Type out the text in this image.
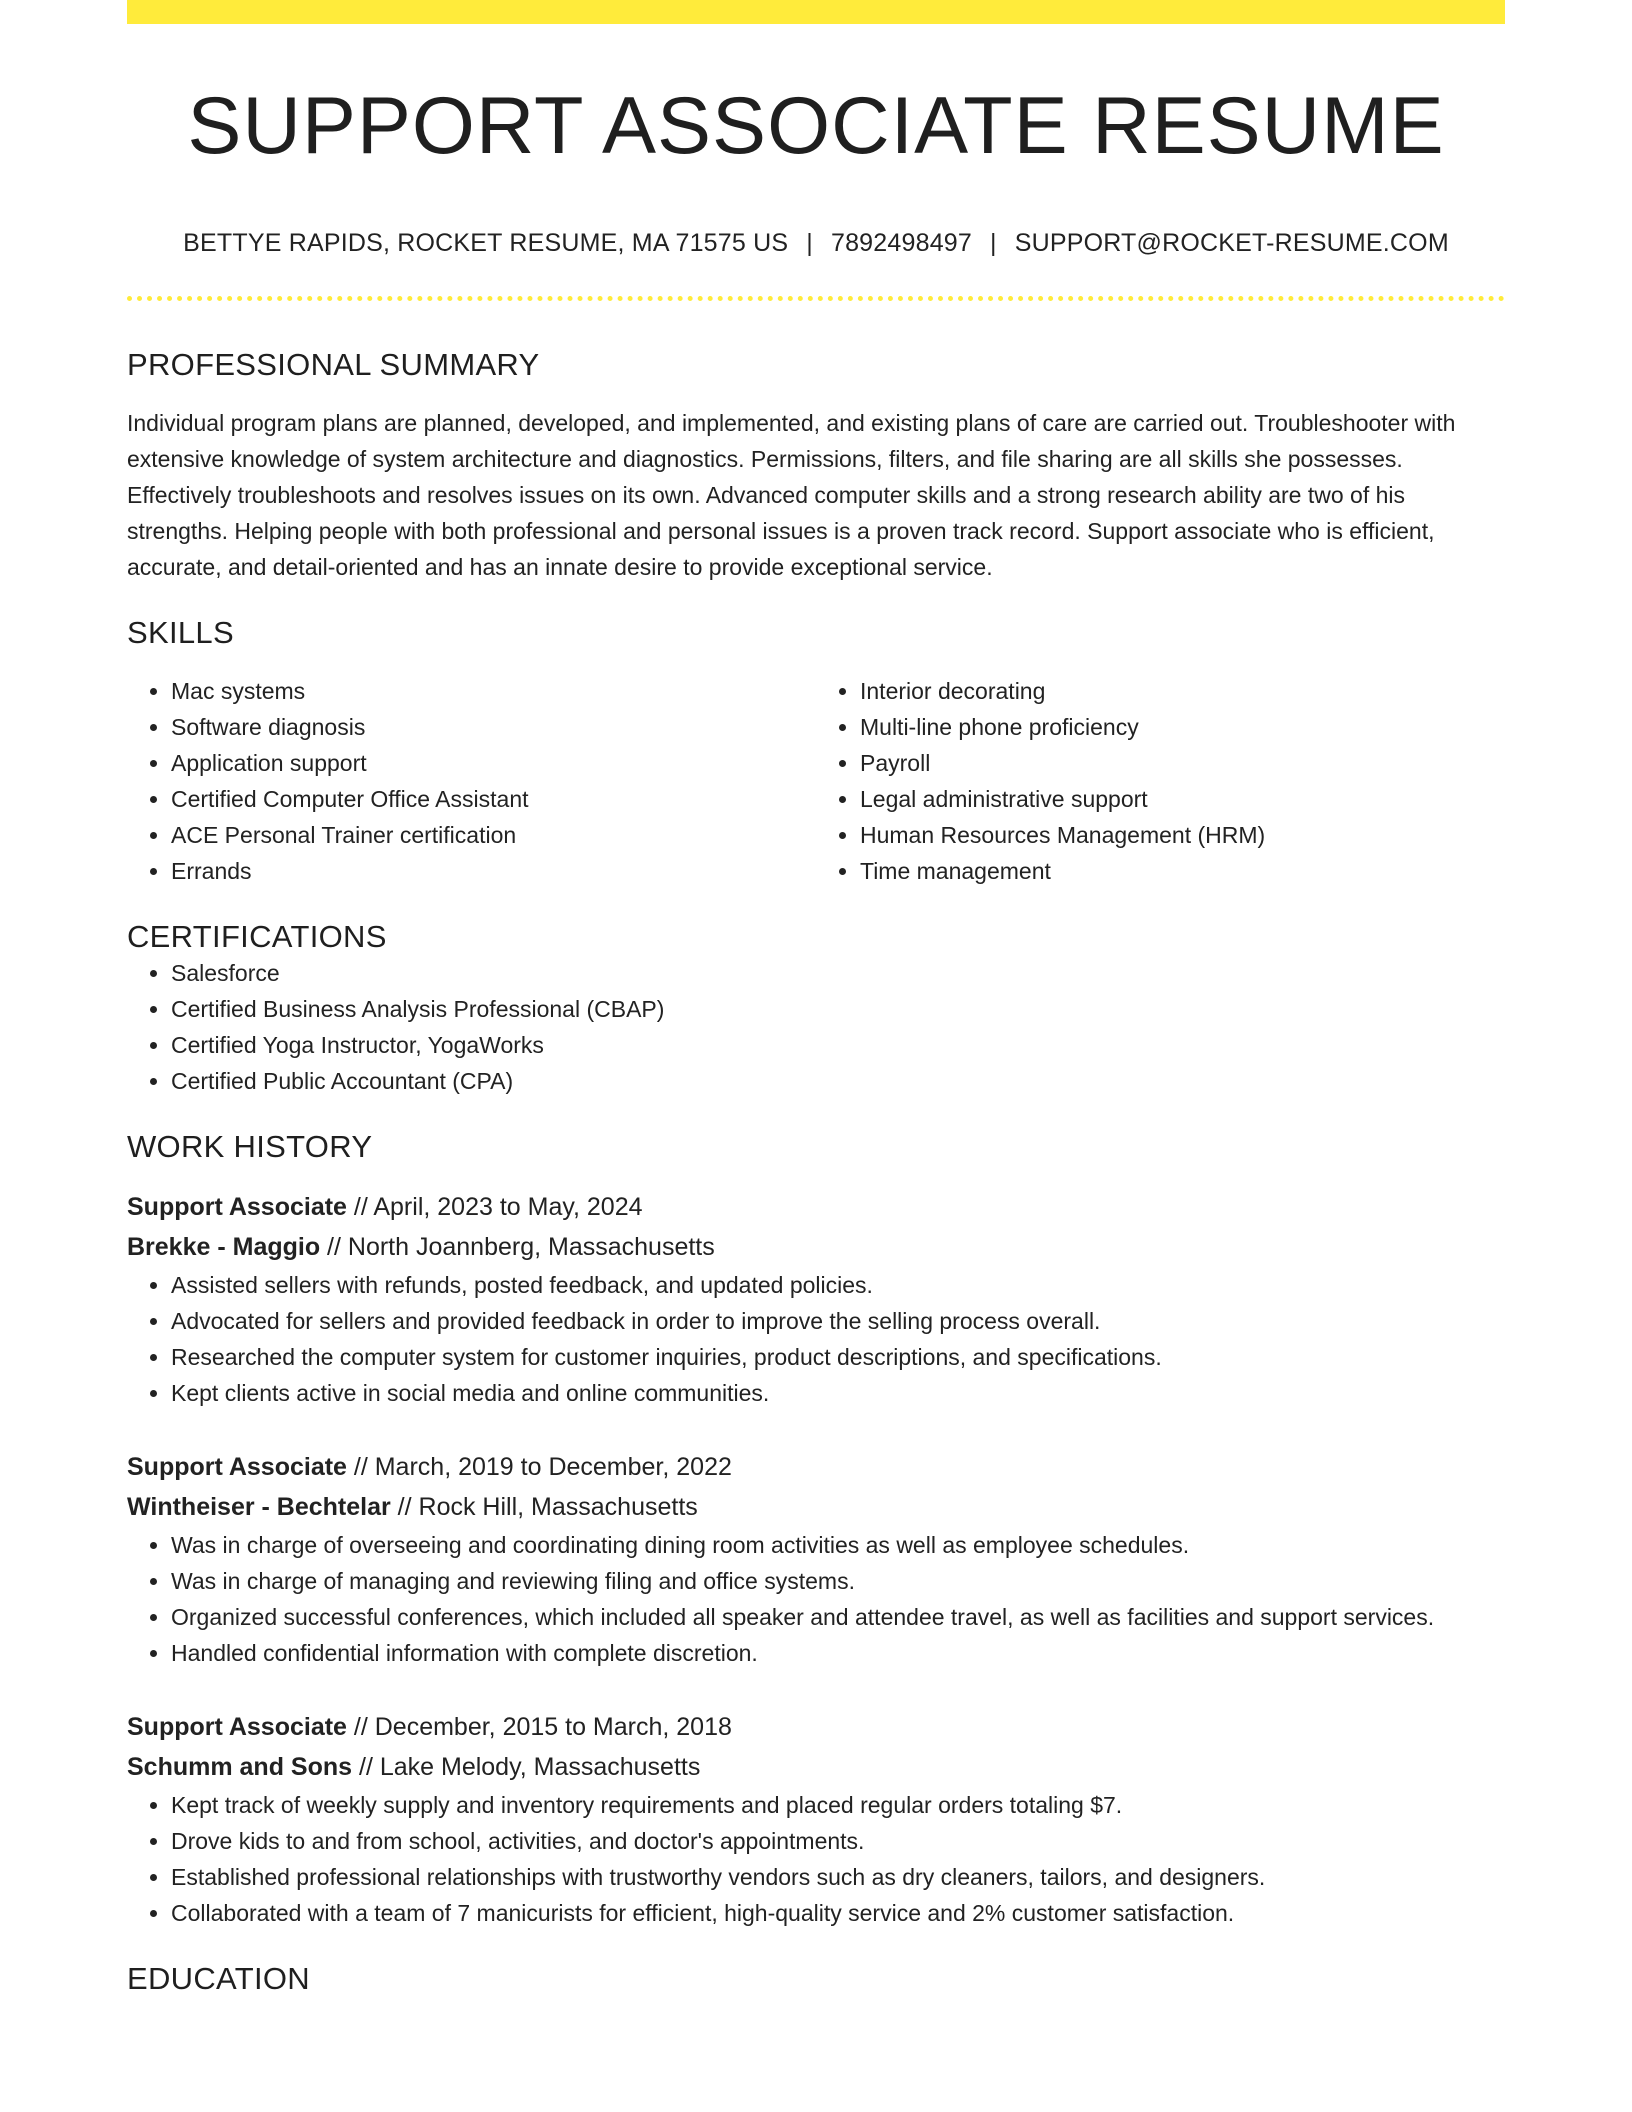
SUPPORT ASSOCIATE RESUME
BETTYE RAPIDS, ROCKET RESUME, MA 71575 US | 7892498497 | SUPPORT@ROCKET-RESUME.COM
PROFESSIONAL SUMMARY
Individual program plans are planned, developed, and implemented, and existing plans of care are carried out. Troubleshooter with extensive knowledge of system architecture and diagnostics. Permissions, filters, and file sharing are all skills she possesses. Effectively troubleshoots and resolves issues on its own. Advanced computer skills and a strong research ability are two of his strengths. Helping people with both professional and personal issues is a proven track record. Support associate who is efficient, accurate, and detail-oriented and has an innate desire to provide exceptional service.
SKILLS
• Mac systems
• Software diagnosis
• Application support
• Certified Computer Office Assistant
• ACE Personal Trainer certification
• Errands
• Interior decorating
• Multi-line phone proficiency
• Payroll
• Legal administrative support
• Human Resources Management (HRM)
• Time management
CERTIFICATIONS
• Salesforce
• Certified Business Analysis Professional (CBAP)
• Certified Yoga Instructor, YogaWorks
• Certified Public Accountant (CPA)
WORK HISTORY
Support Associate // April, 2023 to May, 2024
Brekke - Maggio // North Joannberg, Massachusetts
• Assisted sellers with refunds, posted feedback, and updated policies.
• Advocated for sellers and provided feedback in order to improve the selling process overall.
• Researched the computer system for customer inquiries, product descriptions, and specifications.
• Kept clients active in social media and online communities.
Support Associate // March, 2019 to December, 2022
Wintheiser - Bechtelar // Rock Hill, Massachusetts
• Was in charge of overseeing and coordinating dining room activities as well as employee schedules.
• Was in charge of managing and reviewing filing and office systems.
• Organized successful conferences, which included all speaker and attendee travel, as well as facilities and support services.
• Handled confidential information with complete discretion.
Support Associate // December, 2015 to March, 2018
Schumm and Sons // Lake Melody, Massachusetts
• Kept track of weekly supply and inventory requirements and placed regular orders totaling $7.
• Drove kids to and from school, activities, and doctor's appointments.
• Established professional relationships with trustworthy vendors such as dry cleaners, tailors, and designers.
• Collaborated with a team of 7 manicurists for efficient, high-quality service and 2% customer satisfaction.
EDUCATION
